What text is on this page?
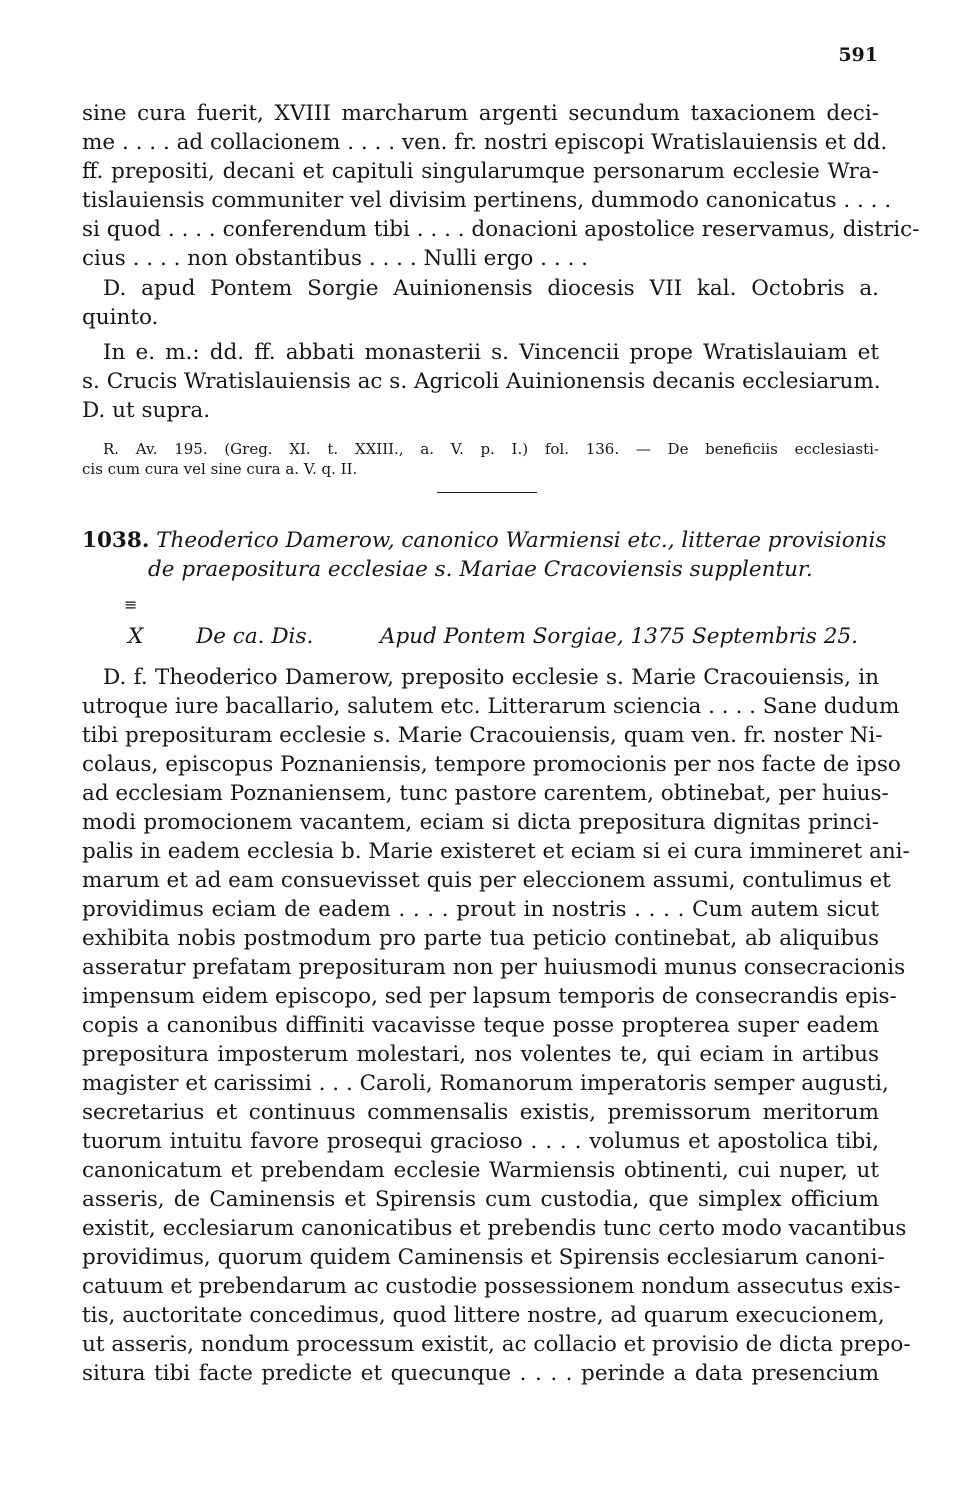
591
sine cura fuerit, XVIII marcharum argenti secundum taxacionem deci-
me . . . . ad collacionem . . . . ven. fr. nostri episcopi Wratislauiensis et dd.
ff. prepositi, decani et capituli singularumque personarum ecclesie Wra-
tislauiensis communiter vel divisim pertinens, dummodo canonicatus . . . .
si quod . . . . conferendum tibi . . . . donacioni apostolice reservamus, distric-
cius . . . . non obstantibus . . . . Nulli ergo . . . .
D. apud Pontem Sorgie Auinionensis diocesis VII kal. Octobris a.
quinto.
In e. m.: dd. ff. abbati monasterii s. Vincencii prope Wratislauiam et
s. Crucis Wratislauiensis ac s. Agricoli Auinionensis decanis ecclesiarum.
D. ut supra.
R. Av. 195. (Greg. XI. t. XXIII., a. V. p. I.) fol. 136. — De beneficiis ecclesiasti-
cis cum cura vel sine cura a. V. q. II.
1038. Theoderico Damerow, canonico Warmiensi etc., litterae provisionis
de praepositura ecclesiae s. Mariae Cracoviensis supplentur.
≡
X De ca. Dis.	Apud Pontem Sorgiae, 1375 Septembris 25.
D. f. Theoderico Damerow, preposito ecclesie s. Marie Cracouiensis, in
utroque iure bacallario, salutem etc. Litterarum sciencia . . . . Sane dudum
tibi prepositurаm ecclesie s. Marie Cracouiensis, quam ven. fr. noster Ni-
colaus, episcopus Poznaniensis, tempore promocionis per nos facte de ipso
ad ecclesiam Poznaniensem, tunc pastore carentem, obtinebat, per huius-
modi promocionem vacantem, eciam si dicta prepositura dignitas princi-
palis in eadem ecclesia b. Marie existeret et eciam si ei cura immineret ani-
marum et ad eam consuevisset quis per eleccionem assumi, contulimus et
providimus eciam de eadem . . . . prout in nostris . . . . Cum autem sicut
exhibita nobis postmodum pro parte tua peticio continebat, ab aliquibus
asseratur prefatam prepositurаm non per huiusmodi munus consecracionis
impensum eidem episcopo, sed per lapsum temporis de consecrandis epis-
copis a canonibus diffiniti vacavisse teque posse propterea super eadem
prepositura imposterum molestari, nos volentes te, qui eciam in artibus
magister et carissimi . . . Caroli, Romanorum imperatoris semper augusti,
secretarius et continuus commensalis existis, premissorum meritorum
tuorum intuitu favore prosequi gracioso . . . . volumus et apostolica tibi,
canonicatum et prebendam ecclesie Warmiensis obtinenti, cui nuper, ut
asseris, de Caminensis et Spirensis cum custodia, que simplex officium
existit, ecclesiarum canonicatibus et prebendis tunc certo modo vacantibus
providimus, quorum quidem Caminensis et Spirensis ecclesiarum canoni-
catuum et prebendarum ac custodie possessionem nondum assecutus exis-
tis, auctoritate concedimus, quod littere nostre, ad quarum execucionem,
ut asseris, nondum processum existit, ac collacio et provisio de dicta prepo-
situra tibi facte predicte et quecunque . . . . perinde a data presencium
